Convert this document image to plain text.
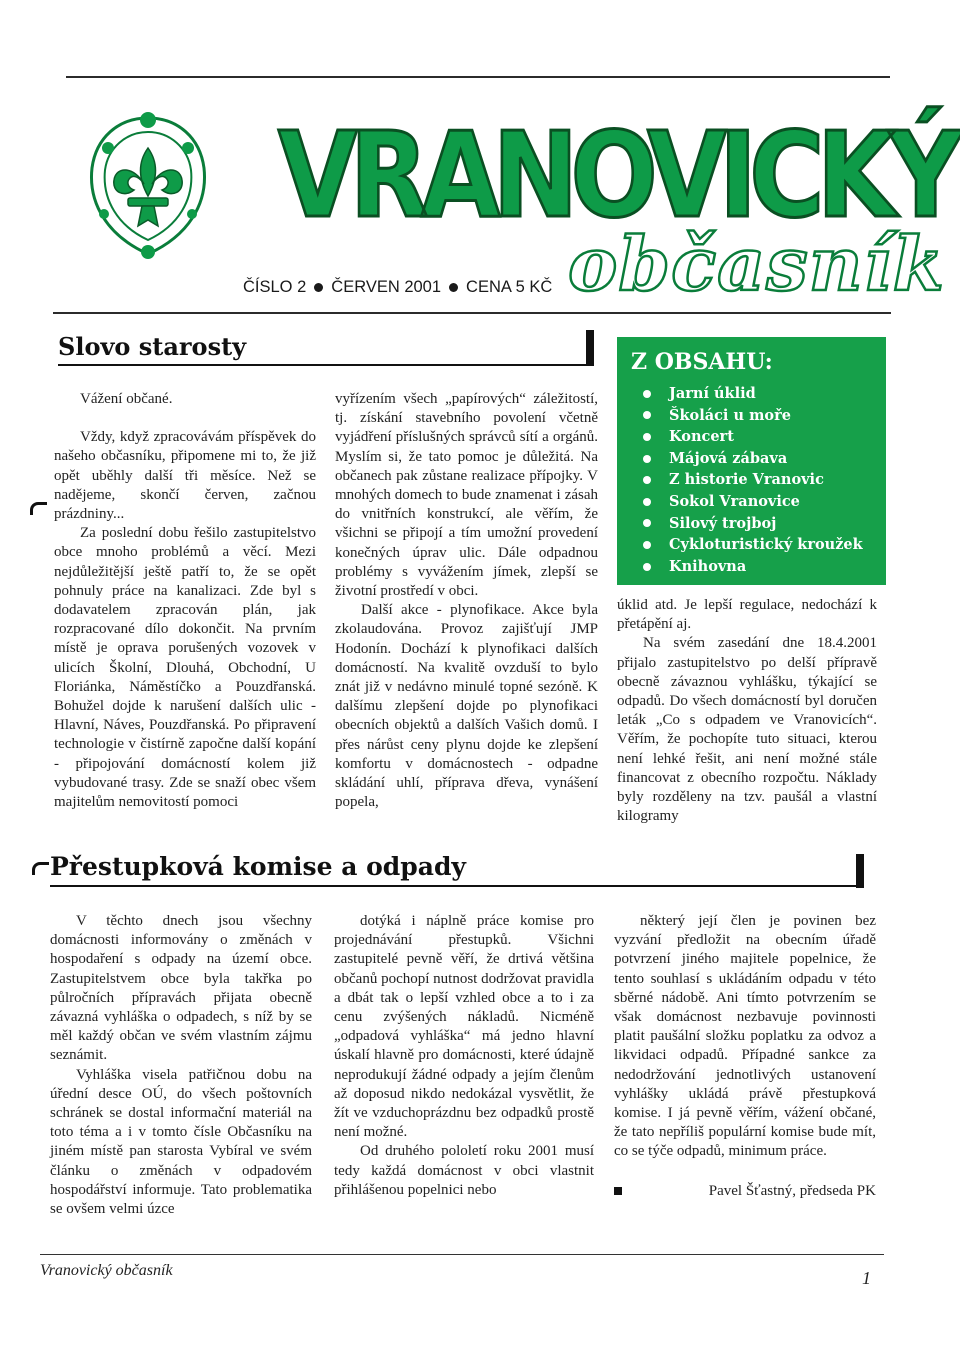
VRANOVICKÝ
občasník
ČÍSLO 2 ČERVEN 2001 CENA 5 KČ
Slovo starosty

Vážení občané.

Vždy, když zpracovávám příspěvek do našeho občasníku, připomene mi to, že již opět uběhly další tři měsíce. Než se nadějeme, skončí červen, začnou prázdniny...

Za poslední dobu řešilo zastupitelstvo obce mnoho problémů a věcí. Mezi nejdůležitější ještě patří to, že se opět pohnuly práce na kanalizaci. Zde byl s dodavatelem zpracován plán, jak rozpracované dílo dokončit. Na prvním místě je oprava porušených vozovek v ulicích Školní, Dlouhá, Obchodní, U Floriánka, Náměstíčko a Pouzdřanská. Bohužel dojde k narušení dalších ulic - Hlavní, Náves, Pouzdřanská. Po připravení technologie v čistírně započne další kopání - připojování domácností kolem již vybudované trasy. Zde se snaží obec všem majitelům nemovitostí pomoci

vyřízením všech „papírových“ záležitostí, tj. získání stavebního povolení včetně vyjádření příslušných správců sítí a orgánů. Myslím si, že tato pomoc je důležitá. Na občanech pak zůstane realizace přípojky. V mnohých domech to bude znamenat i zásah do vnitřních konstrukcí, ale věřím, že všichni se připojí a tím umožní provedení konečných úprav ulic. Dále odpadnou problémy s vyvážením jímek, zlepší se životní prostředí v obci.

Další akce - plynofikace. Akce byla zkolaudována. Provoz zajišťují JMP Hodonín. Dochází k plynofikaci dalších domácností. Na kvalitě ovzduší to bylo znát již v nedávno minulé topné sezóně. K dalšímu zlepšení dojde po plynofikaci obecních objektů a dalších Vašich domů. I přes nárůst ceny plynu dojde ke zlepšení komfortu v domácnostech - odpadne skládání uhlí, příprava dřeva, vynášení popela,

Z OBSAHU:
Jarní úklid
Školáci u moře
Koncert
Májová zábava
Z historie Vranovic
Sokol Vranovice
Silový trojboj
Cykloturistický kroužek
Knihovna

úklid atd. Je lepší regulace, nedochází k přetápění aj.

Na svém zasedání dne 18.4.2001 přijalo zastupitelstvo po delší přípravě obecně závaznou vyhlášku, týkající se odpadů. Do všech domácností byl doručen leták „Co s odpadem ve Vranovicích“. Věřím, že pochopíte tuto situaci, kterou není lehké řešit, ani není možné stále financovat z obecního rozpočtu. Náklady byly rozděleny na tzv. paušál a vlastní kilogramy

Přestupková komise a odpady

V těchto dnech jsou všechny domácnosti informovány o změnách v hospodaření s odpady na území obce. Zastupitelstvem obce byla takřka po půlročních přípravách přijata obecně závazná vyhláška o odpadech, s níž by se měl každý občan ve svém vlastním zájmu seznámit.

Vyhláška visela patřičnou dobu na úřední desce OÚ, do všech poštovních schránek se dostal informační materiál na toto téma a i v tomto čísle Občasníku na jiném místě pan starosta Vybíral ve svém článku o změnách v odpadovém hospodářství informuje. Tato problematika se ovšem velmi úzce

dotýká i náplně práce komise pro projednávání přestupků. Všichni zastupitelé pevně věří, že drtivá většina občanů pochopí nutnost dodržovat pravidla a dbát tak o lepší vzhled obce a to i za cenu zvýšených nákladů. Nicméně „odpadová vyhláška“ má jedno hlavní úskalí hlavně pro domácnosti, které údajně neprodukují žádné odpady a jejím členům až doposud nikdo nedokázal vysvětlit, že žít ve vzduchoprázdnu bez odpadků prostě není možné.

Od druhého pololetí roku 2001 musí tedy každá domácnost v obci vlastnit přihlášenou popelnici nebo

některý její člen je povinen bez vyzvání předložit na obecním úřadě potvrzení jiného majitele popelnice, že tento souhlasí s ukládáním odpadu v této sběrné nádobě. Ani tímto potvrzením se však domácnost nezbavuje povinnosti platit paušální složku poplatku za odvoz a likvidaci odpadů. Případné sankce za nedodržování jednotlivých ustanovení vyhlášky ukládá právě přestupková komise. I já pevně věřím, vážení občané, že tato nepříliš populární komise bude mít, co se týče odpadů, minimum práce.

Pavel Šťastný, předseda PK
Vranovický občasník	1
